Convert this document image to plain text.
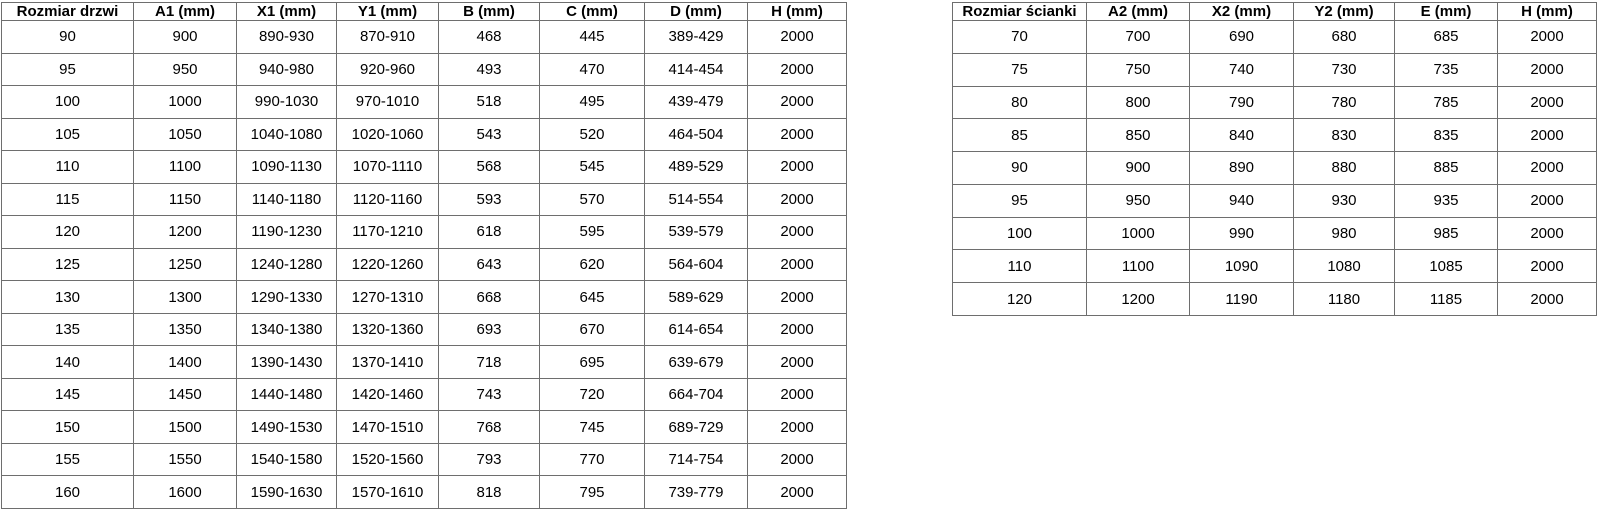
Rozmiar drzwi	A1 (mm)	X1 (mm)	Y1 (mm)	B (mm)	C (mm)	D (mm)	H (mm)
90	900	890-930	870-910	468	445	389-429	2000
95	950	940-980	920-960	493	470	414-454	2000
100	1000	990-1030	970-1010	518	495	439-479	2000
105	1050	1040-1080	1020-1060	543	520	464-504	2000
110	1100	1090-1130	1070-1110	568	545	489-529	2000
115	1150	1140-1180	1120-1160	593	570	514-554	2000
120	1200	1190-1230	1170-1210	618	595	539-579	2000
125	1250	1240-1280	1220-1260	643	620	564-604	2000
130	1300	1290-1330	1270-1310	668	645	589-629	2000
135	1350	1340-1380	1320-1360	693	670	614-654	2000
140	1400	1390-1430	1370-1410	718	695	639-679	2000
145	1450	1440-1480	1420-1460	743	720	664-704	2000
150	1500	1490-1530	1470-1510	768	745	689-729	2000
155	1550	1540-1580	1520-1560	793	770	714-754	2000
160	1600	1590-1630	1570-1610	818	795	739-779	2000
Rozmiar ścianki	A2 (mm)	X2 (mm)	Y2 (mm)	E (mm)	H (mm)
70	700	690	680	685	2000
75	750	740	730	735	2000
80	800	790	780	785	2000
85	850	840	830	835	2000
90	900	890	880	885	2000
95	950	940	930	935	2000
100	1000	990	980	985	2000
110	1100	1090	1080	1085	2000
120	1200	1190	1180	1185	2000
